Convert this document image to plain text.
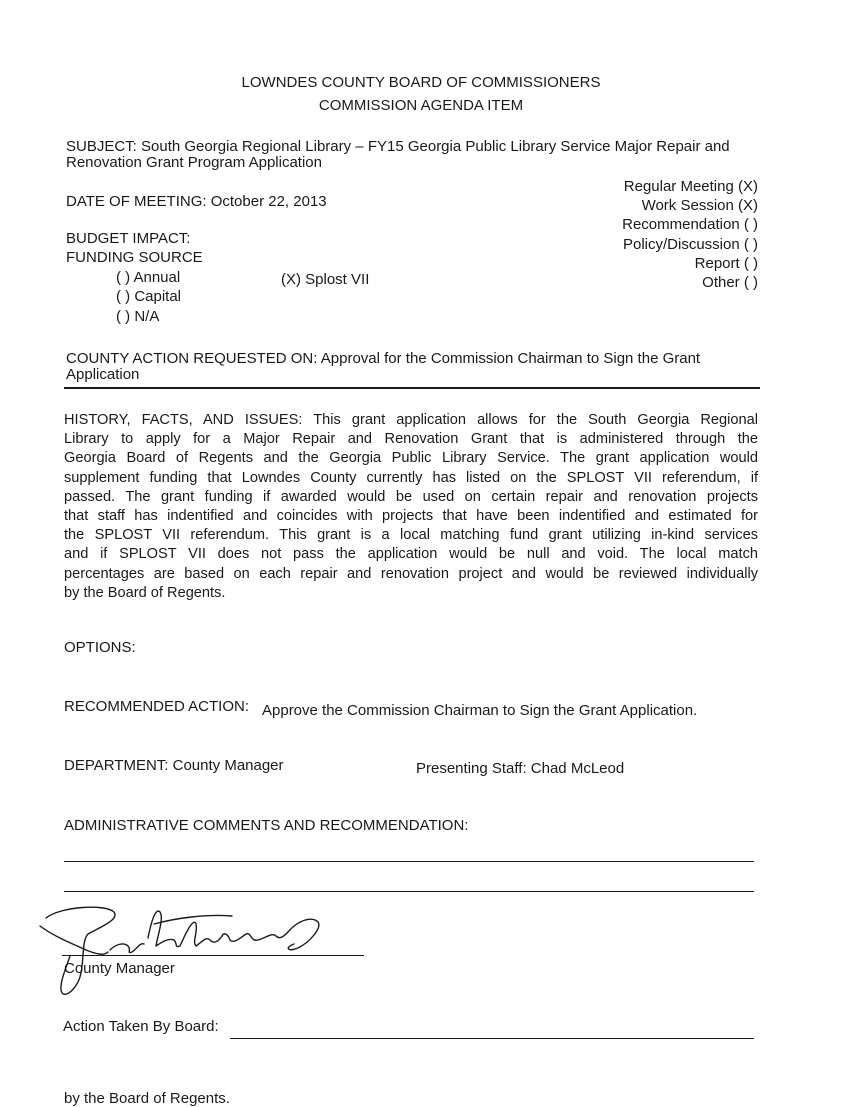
LOWNDES COUNTY BOARD OF COMMISSIONERS
COMMISSION AGENDA ITEM
SUBJECT: South Georgia Regional Library – FY15 Georgia Public Library Service Major Repair and
Renovation Grant Program Application
DATE OF MEETING: October 22, 2013
Regular Meeting (X)
Work Session (X)
Recommendation ( )
Policy/Discussion ( )
Report ( )
Other ( )
BUDGET IMPACT:
FUNDING SOURCE
( ) Annual
( ) Capital
( ) N/A
(X) Splost VII
COUNTY ACTION REQUESTED ON: Approval for the Commission Chairman to Sign the Grant
Application
HISTORY, FACTS, AND ISSUES: This grant application allows for the South Georgia Regional
Library to apply for a Major Repair and Renovation Grant that is administered through the
Georgia Board of Regents and the Georgia Public Library Service. The grant application would
supplement funding that Lowndes County currently has listed on the SPLOST VII referendum, if
passed. The grant funding if awarded would be used on certain repair and renovation projects
that staff has indentified and coincides with projects that have been indentified and estimated for
the SPLOST VII referendum. This grant is a local matching fund grant utilizing in-kind services
and if SPLOST VII does not pass the application would be null and void. The local match
percentages are based on each repair and renovation project and would be reviewed individually
by the Board of Regents.
OPTIONS:
RECOMMENDED ACTION: Approve the Commission Chairman to Sign the Grant Application.
DEPARTMENT: County Manager	Presenting Staff: Chad McLeod
ADMINISTRATIVE COMMENTS AND RECOMMENDATION:
County Manager
Action Taken By Board:
by the Board of Regents.
